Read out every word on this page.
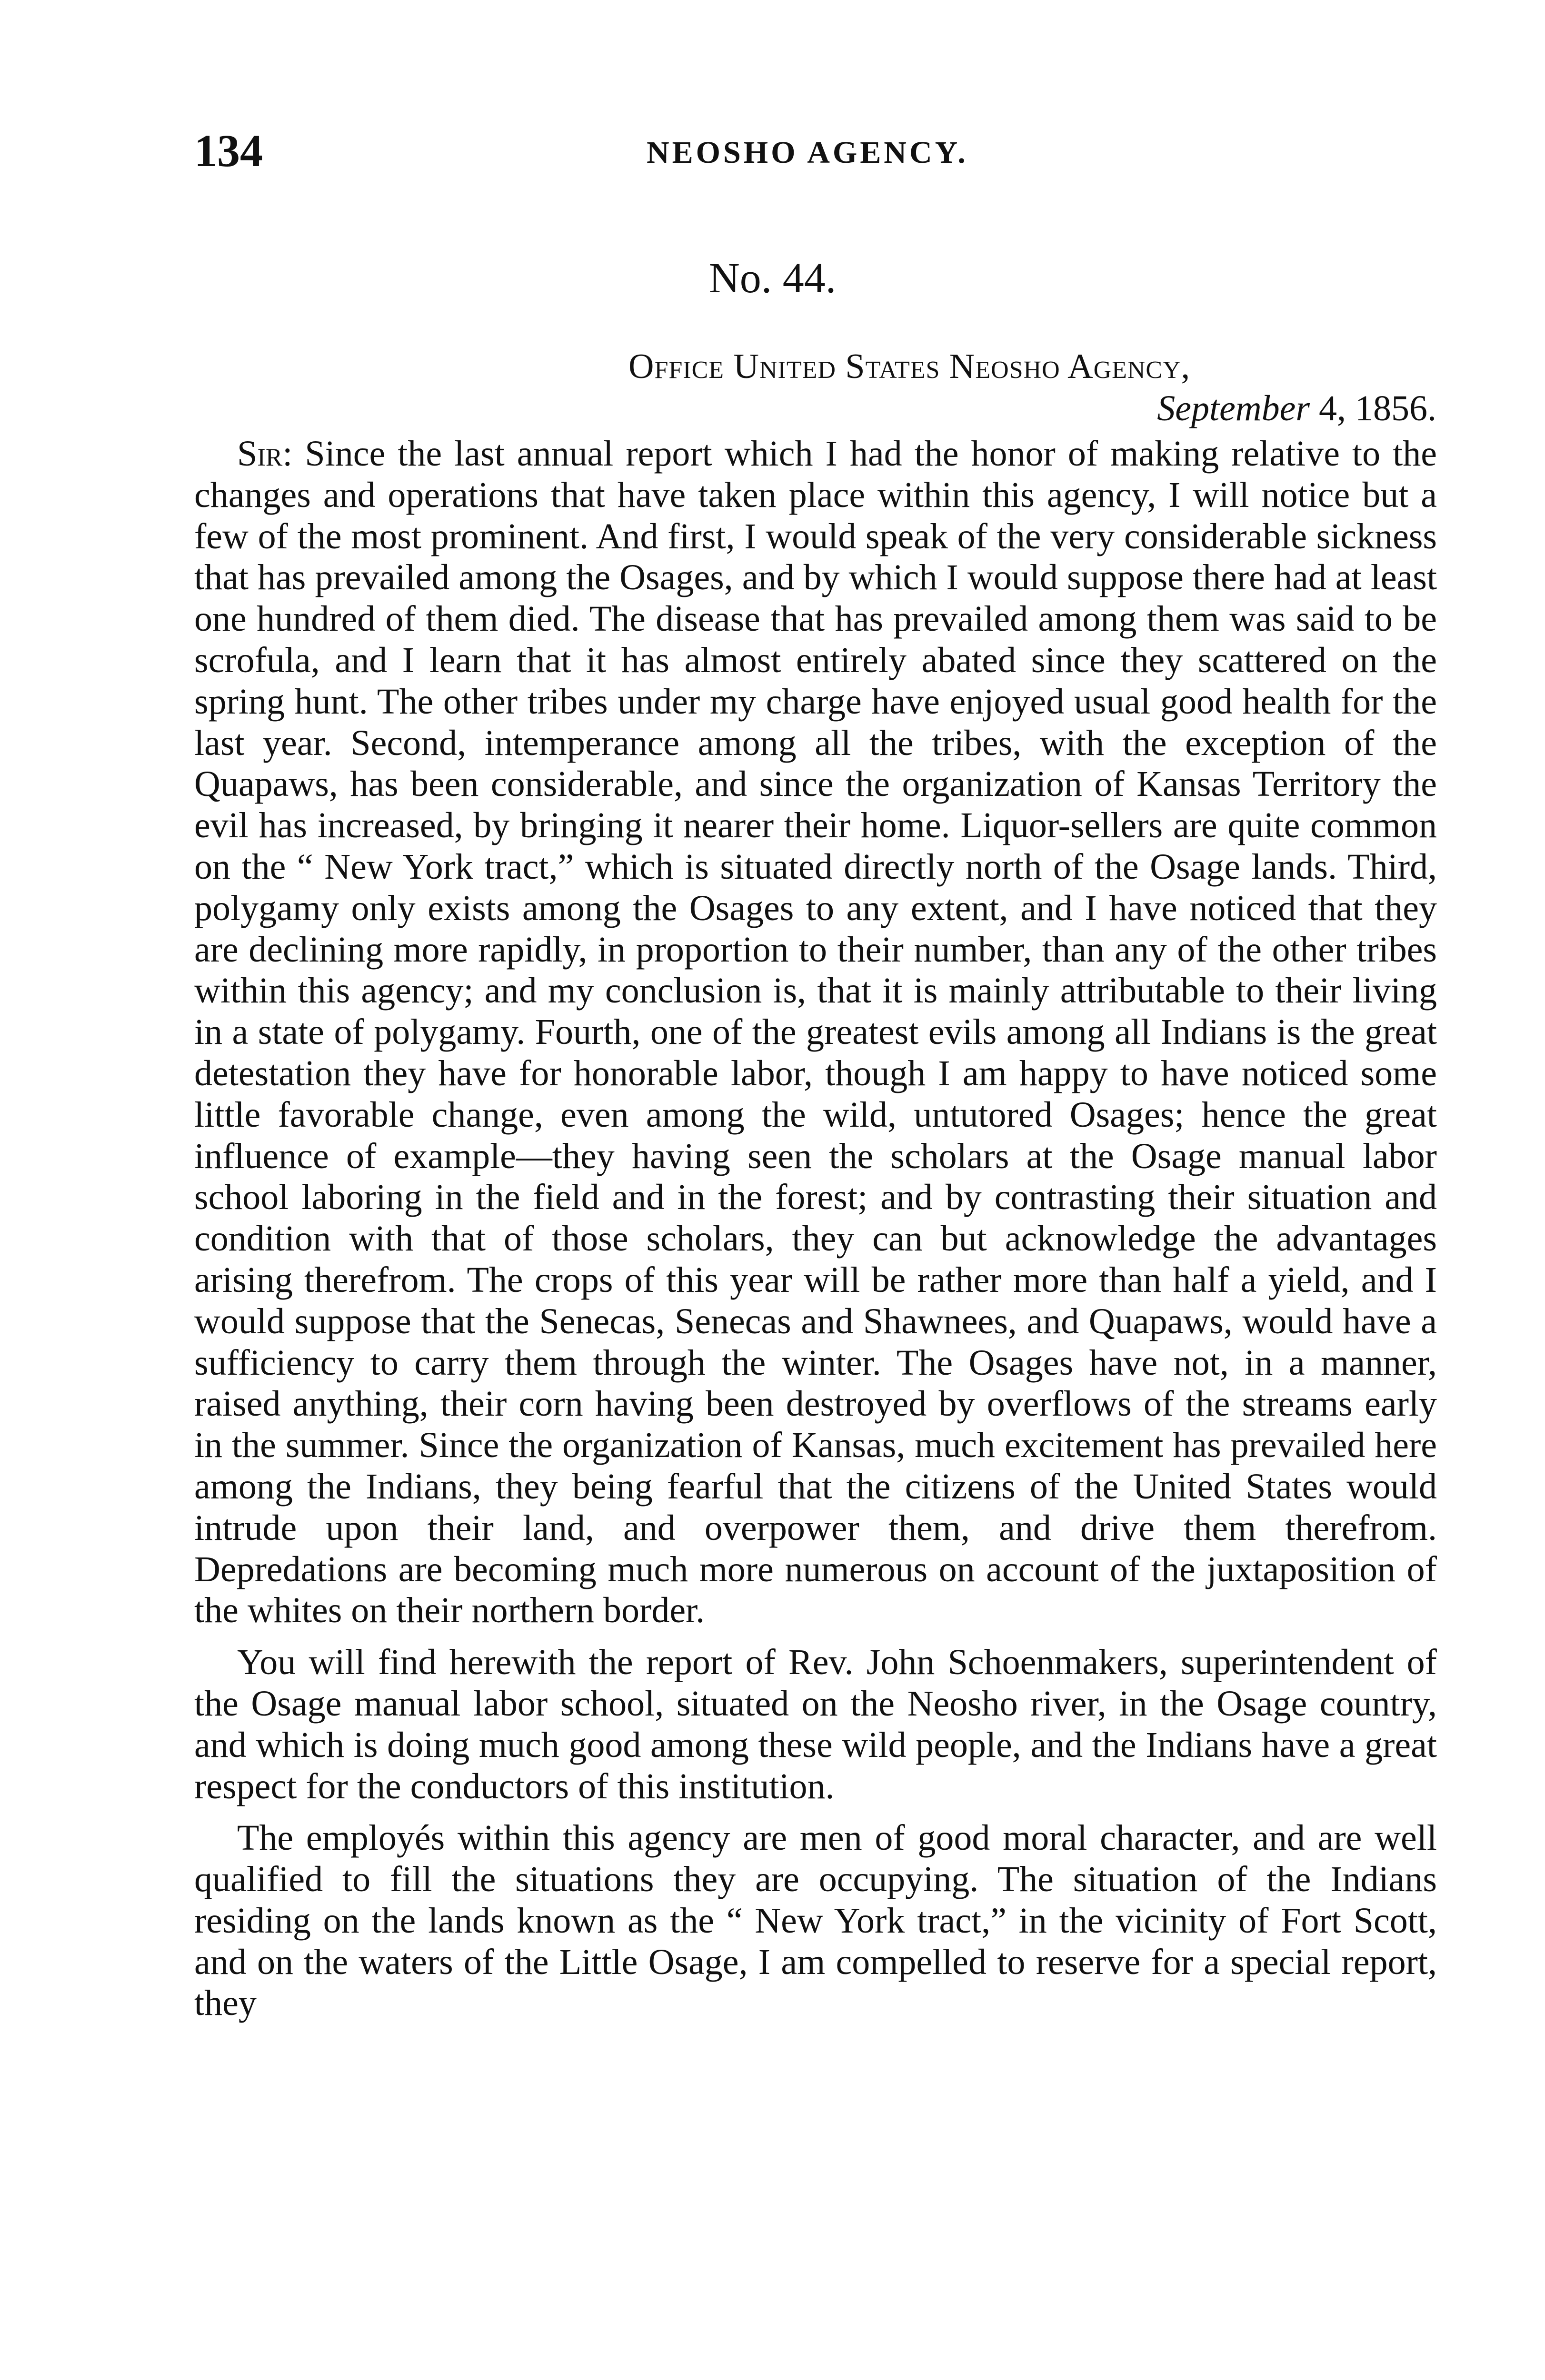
134	NEOSHO AGENCY.
No. 44.
Office United States Neosho Agency,
September 4, 1856.

Sir: Since the last annual report which I had the honor of making relative to the changes and operations that have taken place within this agency, I will notice but a few of the most prominent. And first, I would speak of the very considerable sickness that has prevailed among the Osages, and by which I would suppose there had at least one hundred of them died. The disease that has prevailed among them was said to be scrofula, and I learn that it has almost entirely abated since they scattered on the spring hunt. The other tribes under my charge have enjoyed usual good health for the last year. Second, intemperance among all the tribes, with the exception of the Quapaws, has been considerable, and since the organization of Kansas Territory the evil has increased, by bringing it nearer their home. Liquor-sellers are quite common on the “ New York tract,” which is situated directly north of the Osage lands. Third, polygamy only exists among the Osages to any extent, and I have noticed that they are declining more rapidly, in proportion to their number, than any of the other tribes within this agency; and my conclusion is, that it is mainly attributable to their living in a state of polygamy. Fourth, one of the greatest evils among all Indians is the great detestation they have for honorable labor, though I am happy to have noticed some little favorable change, even among the wild, untutored Osages; hence the great influence of example—they having seen the scholars at the Osage manual labor school laboring in the field and in the forest; and by contrasting their situation and condition with that of those scholars, they can but acknowledge the advantages arising therefrom. The crops of this year will be rather more than half a yield, and I would suppose that the Senecas, Senecas and Shawnees, and Quapaws, would have a sufficiency to carry them through the winter. The Osages have not, in a manner, raised anything, their corn having been destroyed by overflows of the streams early in the summer. Since the organization of Kansas, much excitement has prevailed here among the Indians, they being fearful that the citizens of the United States would intrude upon their land, and overpower them, and drive them therefrom. Depredations are becoming much more numerous on account of the juxtaposition of the whites on their northern border.

You will find herewith the report of Rev. John Schoenmakers, superintendent of the Osage manual labor school, situated on the Neosho river, in the Osage country, and which is doing much good among these wild people, and the Indians have a great respect for the conductors of this institution.

The employés within this agency are men of good moral character, and are well qualified to fill the situations they are occupying. The situation of the Indians residing on the lands known as the “ New York tract,” in the vicinity of Fort Scott, and on the waters of the Little Osage, I am compelled to reserve for a special report, they
